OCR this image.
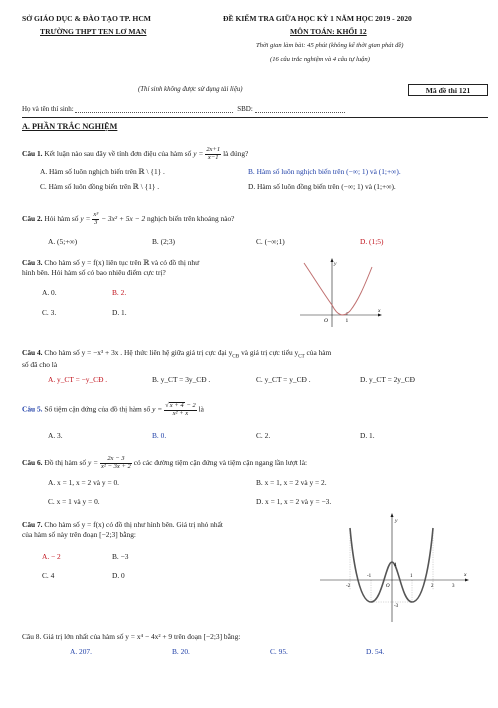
SỞ GIÁO DỤC & ĐÀO TẠO TP. HCM
TRƯỜNG THPT TEN LƠ MAN
ĐỀ KIỂM TRA GIỮA HỌC KỲ 1 NĂM HỌC 2019 - 2020
MÔN TOÁN: KHỐI 12
Thời gian làm bài: 45 phút (không kể thời gian phát đề)
(16 câu trắc nghiệm và 4 câu tự luận)
(Thí sinh không được sử dụng tài liệu)	Mã đề thi 121
Họ và tên thí sinh:	SBD:
A. PHẦN TRẮC NGHIỆM
Câu 1. Kết luận nào sau đây về tính đơn điệu của hàm số $y = \frac{2x+1}{x-1}$ là đúng?
A. Hàm số luôn nghịch biến trên ℝ \ {1} .	B. Hàm số luôn nghịch biến trên (−∞; 1) và (1;+∞).
C. Hàm số luôn đồng biến trên ℝ \ {1} .	D. Hàm số luôn đồng biến trên (−∞; 1) và (1;+∞).
Câu 2. Hỏi hàm số $y = \frac{\text{x³}}{3} - 3x^2 + 5x - 2$ nghịch biến trên khoảng nào?
A. (5;+∞)	B. (2;3)	C. (−∞;1)	D. (1;5)
Câu 3. Cho hàm số y = f(x) liên tục trên ℝ và có đồ thị như
hình bên. Hỏi hàm số có bao nhiêu điểm cực trị?
A. 0.	B. 2.
C. 3.	D. 1.
y
x
O	1
Câu 4. Cho hàm số y = −x³ + 3x . Hệ thức liên hệ giữa giá trị cực đại $y_{CĐ}$ và giá trị cực tiểu $y_{CT}$ của hàm
số đã cho là
A. y_CT = −y_CĐ .	B. y_CT = 3y_CĐ .	C. y_CT = y_CĐ .	D. y_CT = 2y_CĐ
Câu 5. Số tiệm cận đứng của đồ thị hàm số $y = \frac{√x + 4 - 2}{\text{x² + x}}$ là
A. 3.	B. 0.	C. 2.	D. 1.
Câu 6. Đồ thị hàm số $y = \frac{2x - 3}{\text{x² − 3x + 2}}$ có các đường tiệm cận đứng và tiệm cận ngang lần lượt là:
A. x = 1, x = 2 và y = 0.	B. x = 1, x = 2 và y = 2.
C. x = 1 và y = 0.	D. x = 1, x = 2 và y = −3.
Câu 7. Cho hàm số y = f(x) có đồ thị như hình bên. Giá trị nhỏ nhất
của hàm số này trên đoạn [−2;3] bằng:
A. − 2	B. −3
C. 4	D. 0
y
x
O
4
-2
-1	1
2	3
-3
Câu 8. Giá trị lớn nhất của hàm số y = x⁴ − 4x² + 9 trên đoạn [−2;3] bằng:
A. 207.	B. 20.	C. 95.	D. 54.
